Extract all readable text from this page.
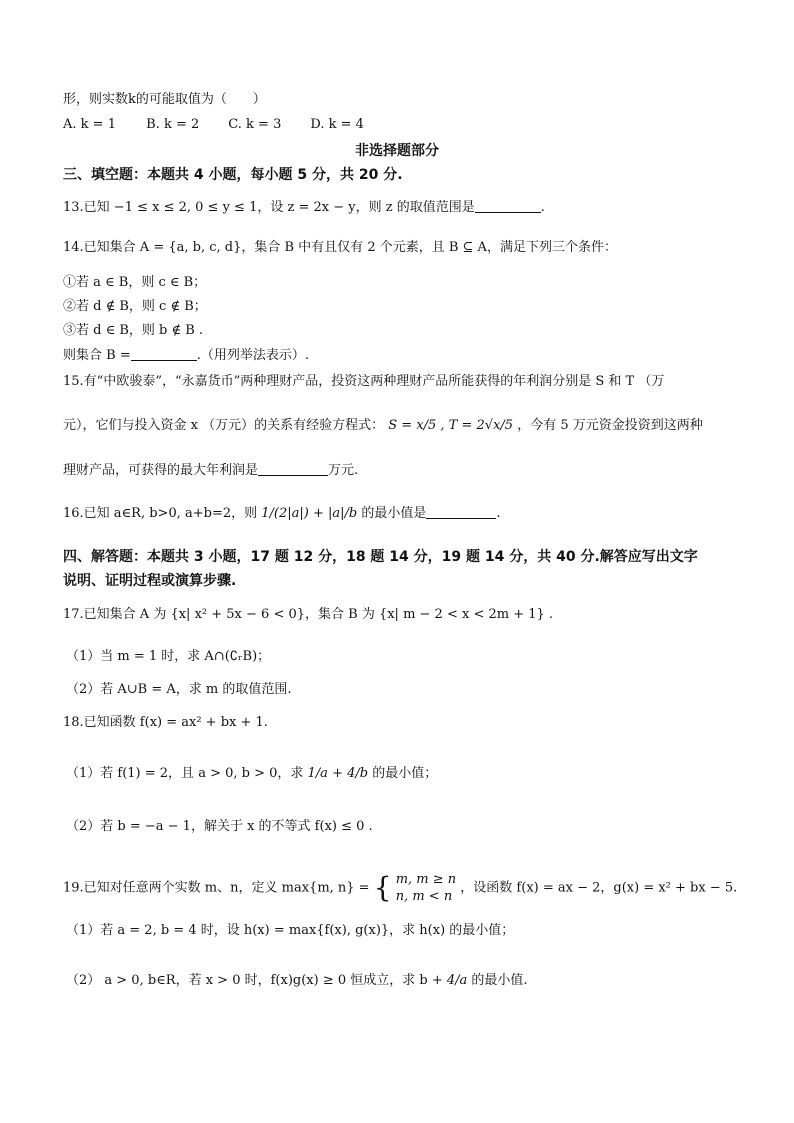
形，则实数k的可能取值为（　　）
A. k = 1 B. k = 2 C. k = 3 D. k = 4
非选择题部分
三、填空题：本题共 4 小题，每小题 5 分，共 20 分.
13.已知 −1 ≤ x ≤ 2, 0 ≤ y ≤ 1，设 z = 2x − y，则 z 的取值范围是	.
14.已知集合 A = {a, b, c, d}，集合 B 中有且仅有 2 个元素，且 B ⊆ A，满足下列三个条件：
①若 a ∈ B，则 c ∈ B；
②若 d ∉ B，则 c ∉ B；
③若 d ∈ B，则 b ∉ B .
则集合 B =	.（用列举法表示）.
15.有“中欧骏泰”，“永嘉货币”两种理财产品，投资这两种理财产品所能获得的年利润分别是 S 和 T （万
元），它们与投入资金 x （万元）的关系有经验方程式： S = x/5 , T = 2√x/5 ，今有 5 万元资金投资到这两种
理财产品，可获得的最大年利润是	万元.
16.已知 a∈R, b>0, a+b=2，则 1/(2|a|) + |a|/b 的最小值是	.
四、解答题：本题共 3 小题，17 题 12 分，18 题 14 分，19 题 14 分，共 40 分.解答应写出文字
说明、证明过程或演算步骤.
17.已知集合 A 为 {x| x² + 5x − 6 < 0}，集合 B 为 {x| m − 2 < x < 2m + 1} .
（1）当 m = 1 时，求 A∩(∁ᵣB)；
（2）若 A∪B = A，求 m 的取值范围.
18.已知函数 f(x) = ax² + bx + 1.
（1）若 f(1) = 2，且 a > 0, b > 0，求 1/a + 4/b 的最小值；
（2）若 b = −a − 1，解关于 x 的不等式 f(x) ≤ 0 .
19.已知对任意两个实数 m、n，定义 max{m, n} = { m, m ≥ n
n, m < n
，设函数 f(x) = ax − 2，g(x) = x² + bx − 5.
（1）若 a = 2, b = 4 时，设 h(x) = max{f(x), g(x)}，求 h(x) 的最小值；
（2） a > 0, b∈R，若 x > 0 时，f(x)g(x) ≥ 0 恒成立，求 b + 4/a 的最小值.
